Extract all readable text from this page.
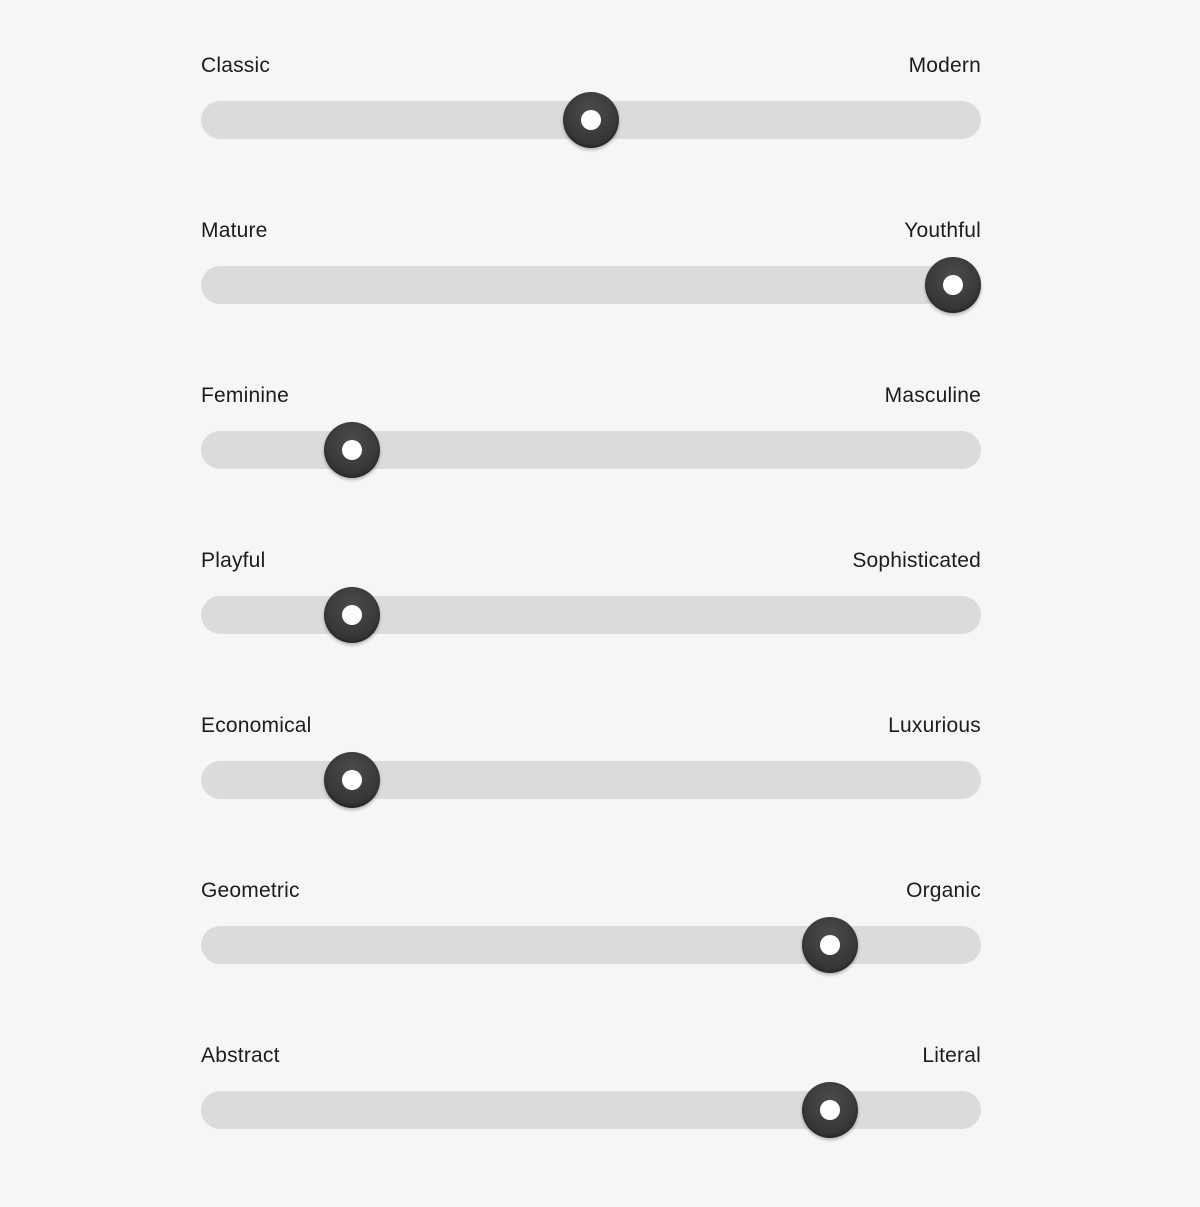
Classic	Modern
Mature	Youthful
Feminine	Masculine
Playful	Sophisticated
Economical	Luxurious
Geometric	Organic
Abstract	Literal
